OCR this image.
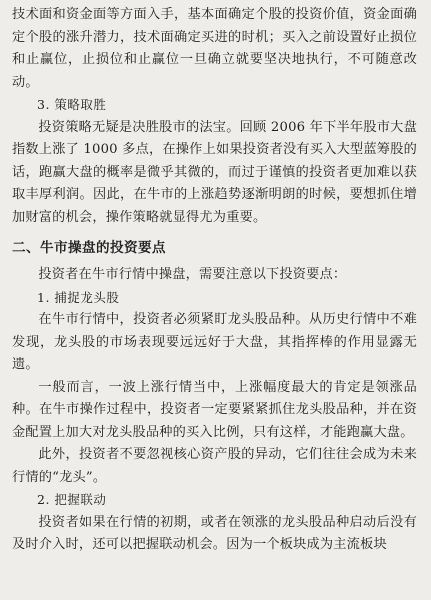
技术面和资金面等方面入手，基本面确定个股的投资价值，资金面确定个股的涨升潜力，技术面确定买进的时机；买入之前设置好止损位和止赢位，止损位和止赢位一旦确立就要坚决地执行，不可随意改动。

3. 策略取胜

投资策略无疑是决胜股市的法宝。回顾 2006 年下半年股市大盘指数上涨了 1000 多点，在操作上如果投资者没有买入大型蓝筹股的话，跑赢大盘的概率是微乎其微的，而过于谨慎的投资者更加难以获取丰厚利润。因此，在牛市的上涨趋势逐渐明朗的时候，要想抓住增加财富的机会，操作策略就显得尤为重要。

二、牛市操盘的投资要点

投资者在牛市行情中操盘，需要注意以下投资要点：

1. 捕捉龙头股

在牛市行情中，投资者必须紧盯龙头股品种。从历史行情中不难发现，龙头股的市场表现要远远好于大盘，其指挥棒的作用显露无遗。

一般而言，一波上涨行情当中，上涨幅度最大的肯定是领涨品种。在牛市操作过程中，投资者一定要紧紧抓住龙头股品种，并在资金配置上加大对龙头股品种的买入比例，只有这样，才能跑赢大盘。

此外，投资者不要忽视核心资产股的异动，它们往往会成为未来行情的“龙头”。

2. 把握联动

投资者如果在行情的初期，或者在领涨的龙头股品种启动后没有及时介入时，还可以把握联动机会。因为一个板块成为主流板块
